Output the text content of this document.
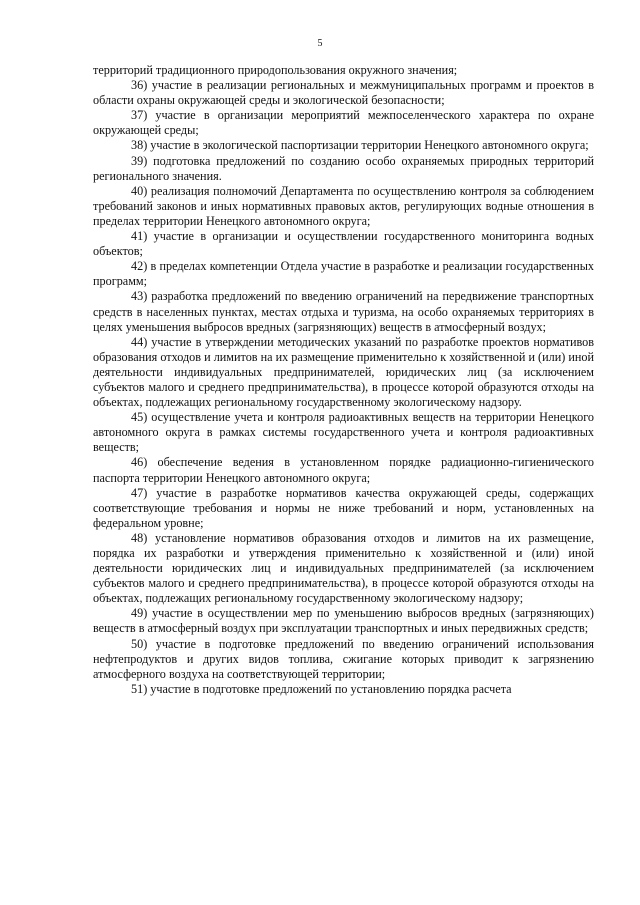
5

территорий традиционного природопользования окружного значения;

36) участие в реализации региональных и межмуниципальных программ и проектов в области охраны окружающей среды и экологической безопасности;

37) участие в организации мероприятий межпоселенческого характера по охране окружающей среды;

38) участие в экологической паспортизации территории Ненецкого автономного округа;

39) подготовка предложений по созданию особо охраняемых природных территорий регионального значения.

40) реализация полномочий Департамента по осуществлению контроля за соблюдением требований законов и иных нормативных правовых актов, регулирующих водные отношения в пределах территории Ненецкого автономного округа;

41) участие в организации и осуществлении государственного мониторинга водных объектов;

42) в пределах компетенции Отдела участие в разработке и реализации государственных программ;

43) разработка предложений по введению ограничений на передвижение транспортных средств в населенных пунктах, местах отдыха и туризма, на особо охраняемых территориях в целях уменьшения выбросов вредных (загрязняющих) веществ в атмосферный воздух;

44) участие в утверждении методических указаний по разработке проектов нормативов образования отходов и лимитов на их размещение применительно к хозяйственной и (или) иной деятельности индивидуальных предпринимателей, юридических лиц (за исключением субъектов малого и среднего предпринимательства), в процессе которой образуются отходы на объектах, подлежащих региональному государственному экологическому надзору.

45) осуществление учета и контроля радиоактивных веществ на территории Ненецкого автономного округа в рамках системы государственного учета и контроля радиоактивных веществ;

46) обеспечение ведения в установленном порядке радиационно-гигиенического паспорта территории Ненецкого автономного округа;

47) участие в разработке нормативов качества окружающей среды, содержащих соответствующие требования и нормы не ниже требований и норм, установленных на федеральном уровне;

48) установление нормативов образования отходов и лимитов на их размещение, порядка их разработки и утверждения применительно к хозяйственной и (или) иной деятельности юридических лиц и индивидуальных предпринимателей (за исключением субъектов малого и среднего предпринимательства), в процессе которой образуются отходы на объектах, подлежащих региональному государственному экологическому надзору;

49) участие в осуществлении мер по уменьшению выбросов вредных (загрязняющих) веществ в атмосферный воздух при эксплуатации транспортных и иных передвижных средств;

50) участие в подготовке предложений по введению ограничений использования нефтепродуктов и других видов топлива, сжигание которых приводит к загрязнению атмосферного воздуха на соответствующей территории;

51) участие в подготовке предложений по установлению порядка расчета
